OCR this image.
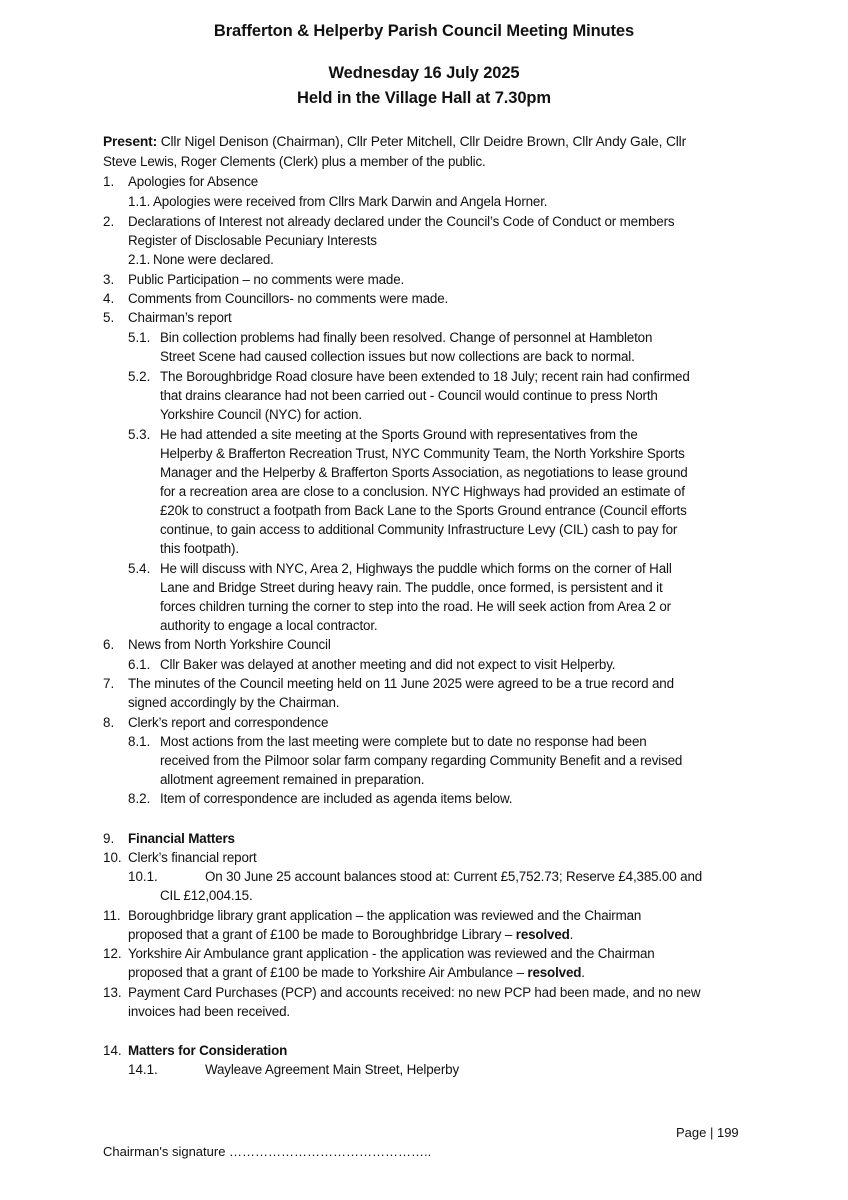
Brafferton & Helperby Parish Council Meeting Minutes
Wednesday 16 July 2025
Held in the Village Hall at 7.30pm
Present: Cllr Nigel Denison (Chairman), Cllr Peter Mitchell, Cllr Deidre Brown, Cllr Andy Gale, Cllr
Steve Lewis, Roger Clements (Clerk) plus a member of the public.
1. Apologies for Absence
1.1. Apologies were received from Cllrs Mark Darwin and Angela Horner.
2. Declarations of Interest not already declared under the Council’s Code of Conduct or members
Register of Disclosable Pecuniary Interests
2.1. None were declared.
3. Public Participation – no comments were made.
4. Comments from Councillors- no comments were made.
5. Chairman’s report
5.1. Bin collection problems had finally been resolved. Change of personnel at Hambleton
Street Scene had caused collection issues but now collections are back to normal.
5.2. The Boroughbridge Road closure have been extended to 18 July; recent rain had confirmed
that drains clearance had not been carried out - Council would continue to press North
Yorkshire Council (NYC) for action.
5.3. He had attended a site meeting at the Sports Ground with representatives from the
Helperby & Brafferton Recreation Trust, NYC Community Team, the North Yorkshire Sports
Manager and the Helperby & Brafferton Sports Association, as negotiations to lease ground
for a recreation area are close to a conclusion. NYC Highways had provided an estimate of
£20k to construct a footpath from Back Lane to the Sports Ground entrance (Council efforts
continue, to gain access to additional Community Infrastructure Levy (CIL) cash to pay for
this footpath).
5.4. He will discuss with NYC, Area 2, Highways the puddle which forms on the corner of Hall
Lane and Bridge Street during heavy rain. The puddle, once formed, is persistent and it
forces children turning the corner to step into the road. He will seek action from Area 2 or
authority to engage a local contractor.
6. News from North Yorkshire Council
6.1. Cllr Baker was delayed at another meeting and did not expect to visit Helperby.
7. The minutes of the Council meeting held on 11 June 2025 were agreed to be a true record and
signed accordingly by the Chairman.
8. Clerk’s report and correspondence
8.1. Most actions from the last meeting were complete but to date no response had been
received from the Pilmoor solar farm company regarding Community Benefit and a revised
allotment agreement remained in preparation.
8.2. Item of correspondence are included as agenda items below.
9. Financial Matters
10. Clerk’s financial report
10.1.	On 30 June 25 account balances stood at: Current £5,752.73; Reserve £4,385.00 and
CIL £12,004.15.
11. Boroughbridge library grant application – the application was reviewed and the Chairman
proposed that a grant of £100 be made to Boroughbridge Library – resolved.
12. Yorkshire Air Ambulance grant application - the application was reviewed and the Chairman
proposed that a grant of £100 be made to Yorkshire Air Ambulance – resolved.
13. Payment Card Purchases (PCP) and accounts received: no new PCP had been made, and no new
invoices had been received.
14. Matters for Consideration
14.1.	Wayleave Agreement Main Street, Helperby
Page | 199
Chairman's signature ………………………………………..
